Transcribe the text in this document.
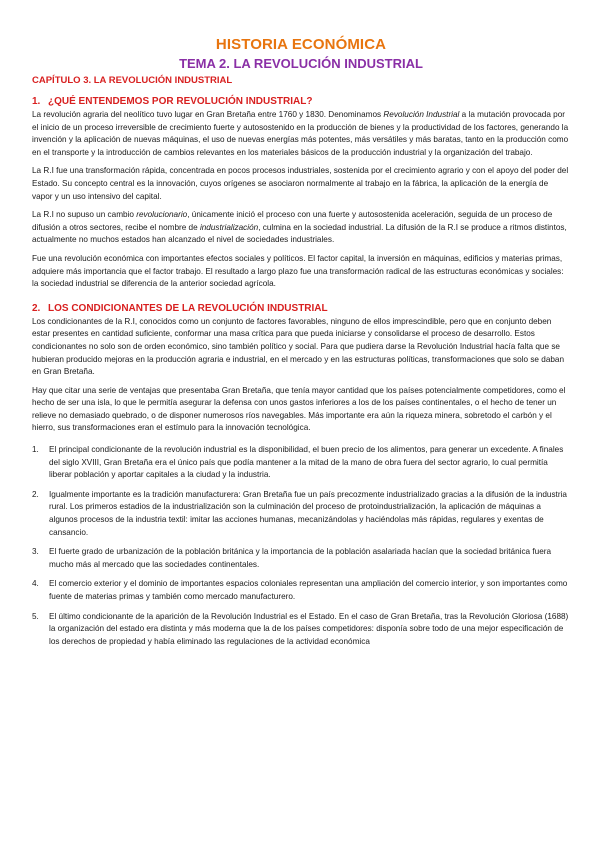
HISTORIA ECONÓMICA
TEMA 2. LA REVOLUCIÓN INDUSTRIAL
CAPÍTULO 3. LA REVOLUCIÓN INDUSTRIAL
1. ¿QUÉ ENTENDEMOS POR REVOLUCIÓN INDUSTRIAL?

La revolución agraria del neolítico tuvo lugar en Gran Bretaña entre 1760 y 1830. Denominamos Revolución Industrial a la mutación provocada por el inicio de un proceso irreversible de crecimiento fuerte y autosostenido en la producción de bienes y la productividad de los factores, generando la invención y la aplicación de nuevas máquinas, el uso de nuevas energías más potentes, más versátiles y más baratas, tanto en la producción como en el transporte y la introducción de cambios relevantes en los materiales básicos de la producción industrial y la organización del trabajo.

La R.I fue una transformación rápida, concentrada en pocos procesos industriales, sostenida por el crecimiento agrario y con el apoyo del poder del Estado. Su concepto central es la innovación, cuyos orígenes se asociaron normalmente al trabajo en la fábrica, la aplicación de la energía de vapor y un uso intensivo del capital.

La R.I no supuso un cambio revolucionario, únicamente inició el proceso con una fuerte y autosostenida aceleración, seguida de un proceso de difusión a otros sectores, recibe el nombre de industrialización, culmina en la sociedad industrial. La difusión de la R.I se produce a ritmos distintos, actualmente no muchos estados han alcanzado el nivel de sociedades industriales.

Fue una revolución económica con importantes efectos sociales y políticos. El factor capital, la inversión en máquinas, edificios y materias primas, adquiere más importancia que el factor trabajo. El resultado a largo plazo fue una transformación radical de las estructuras económicas y sociales: la sociedad industrial se diferencia de la anterior sociedad agrícola.

2. LOS CONDICIONANTES DE LA REVOLUCIÓN INDUSTRIAL

Los condicionantes de la R.I, conocidos como un conjunto de factores favorables, ninguno de ellos imprescindible, pero que en conjunto deben estar presentes en cantidad suficiente, conformar una masa crítica para que pueda iniciarse y consolidarse el proceso de desarrollo. Estos condicionantes no solo son de orden económico, sino también político y social. Para que pudiera darse la Revolución Industrial hacía falta que se hubieran producido mejoras en la producción agraria e industrial, en el mercado y en las estructuras políticas, transformaciones que solo se daban en Gran Bretaña.

Hay que citar una serie de ventajas que presentaba Gran Bretaña, que tenía mayor cantidad que los países potencialmente competidores, como el hecho de ser una isla, lo que le permitía asegurar la defensa con unos gastos inferiores a los de los países continentales, o el hecho de tener un relieve no demasiado quebrado, o de disponer numerosos ríos navegables. Más importante era aún la riqueza minera, sobretodo el carbón y el hierro, sus transformaciones eran el estímulo para la innovación tecnológica.

1. El principal condicionante de la revolución industrial es la disponibilidad, el buen precio de los alimentos, para generar un excedente. A finales del siglo XVIII, Gran Bretaña era el único país que podía mantener a la mitad de la mano de obra fuera del sector agrario, lo cual permitía liberar población y aportar capitales a la ciudad y la industria.
2. Igualmente importante es la tradición manufacturera: Gran Bretaña fue un país precozmente industrializado gracias a la difusión de la industria rural. Los primeros estadios de la industrialización son la culminación del proceso de protoindustrialización, la aplicación de máquinas a algunos procesos de la industria textil: imitar las acciones humanas, mecanizándolas y haciéndolas más rápidas, regulares y exentas de cansancio.
3. El fuerte grado de urbanización de la población británica y la importancia de la población asalariada hacían que la sociedad británica fuera mucho más al mercado que las sociedades continentales.
4. El comercio exterior y el dominio de importantes espacios coloniales representan una ampliación del comercio interior, y son importantes como fuente de materias primas y también como mercado manufacturero.
5. El último condicionante de la aparición de la Revolución Industrial es el Estado. En el caso de Gran Bretaña, tras la Revolución Gloriosa (1688) la organización del estado era distinta y más moderna que la de los países competidores: disponía sobre todo de una mejor especificación de los derechos de propiedad y había eliminado las regulaciones de la actividad económica
